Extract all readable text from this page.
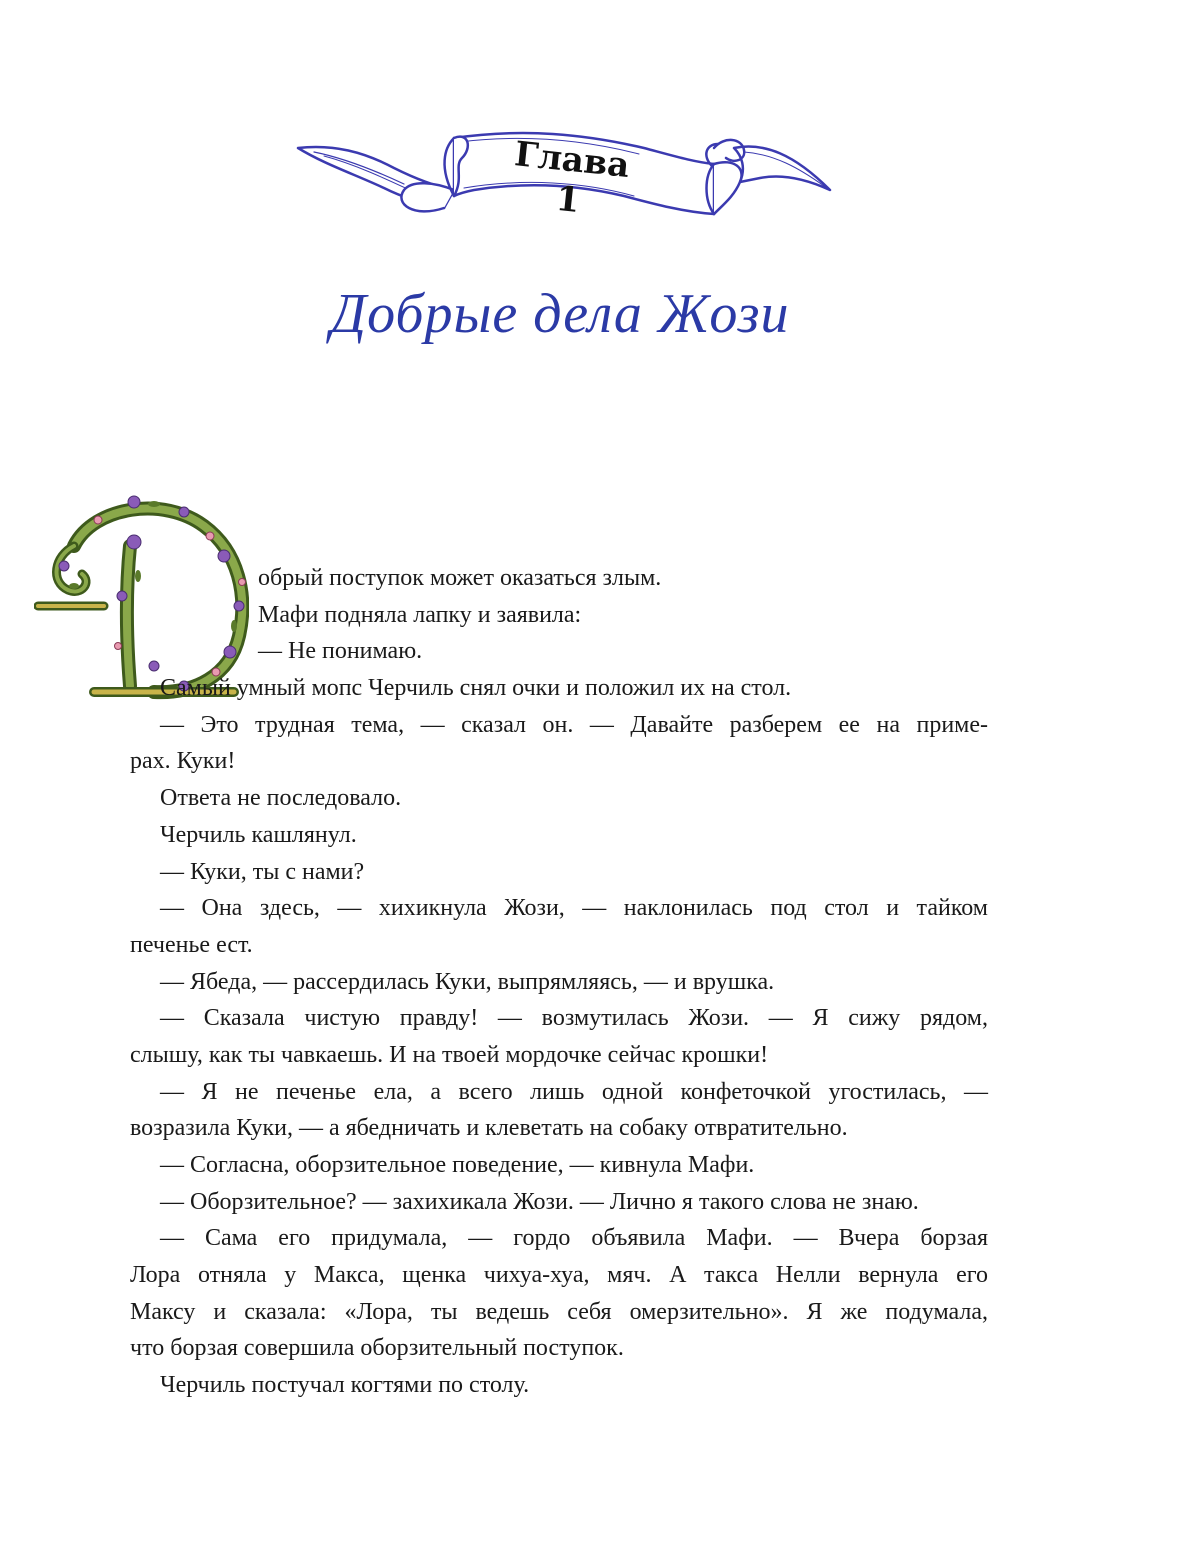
Глава 1
Добрые дела Жози
обрый поступок может оказаться злым.
Мафи подняла лапку и заявила:
— Не понимаю.
Самый умный мопс Черчиль снял очки и положил их на стол.
— Это трудная тема, — сказал он. — Давайте разберем ее на приме-
рах. Куки!
Ответа не последовало.
Черчиль кашлянул.
— Куки, ты с нами?
— Она здесь, — хихикнула Жози, — наклонилась под стол и тайком
печенье ест.
— Ябеда, — рассердилась Куки, выпрямляясь, — и врушка.
— Сказала чистую правду! — возмутилась Жози. — Я сижу рядом,
слышу, как ты чавкаешь. И на твоей мордочке сейчас крошки!
— Я не печенье ела, а всего лишь одной конфеточкой угостилась, —
возразила Куки, — а ябедничать и клеветать на собаку отвратительно.
— Согласна, оборзительное поведение, — кивнула Мафи.
— Оборзительное? — захихикала Жози. — Лично я такого слова не знаю.
— Сама его придумала, — гордо объявила Мафи. — Вчера борзая
Лора отняла у Макса, щенка чихуа-хуа, мяч. А такса Нелли вернула его
Максу и сказала: «Лора, ты ведешь себя омерзительно». Я же подумала,
что борзая совершила оборзительный поступок.
Черчиль постучал когтями по столу.
